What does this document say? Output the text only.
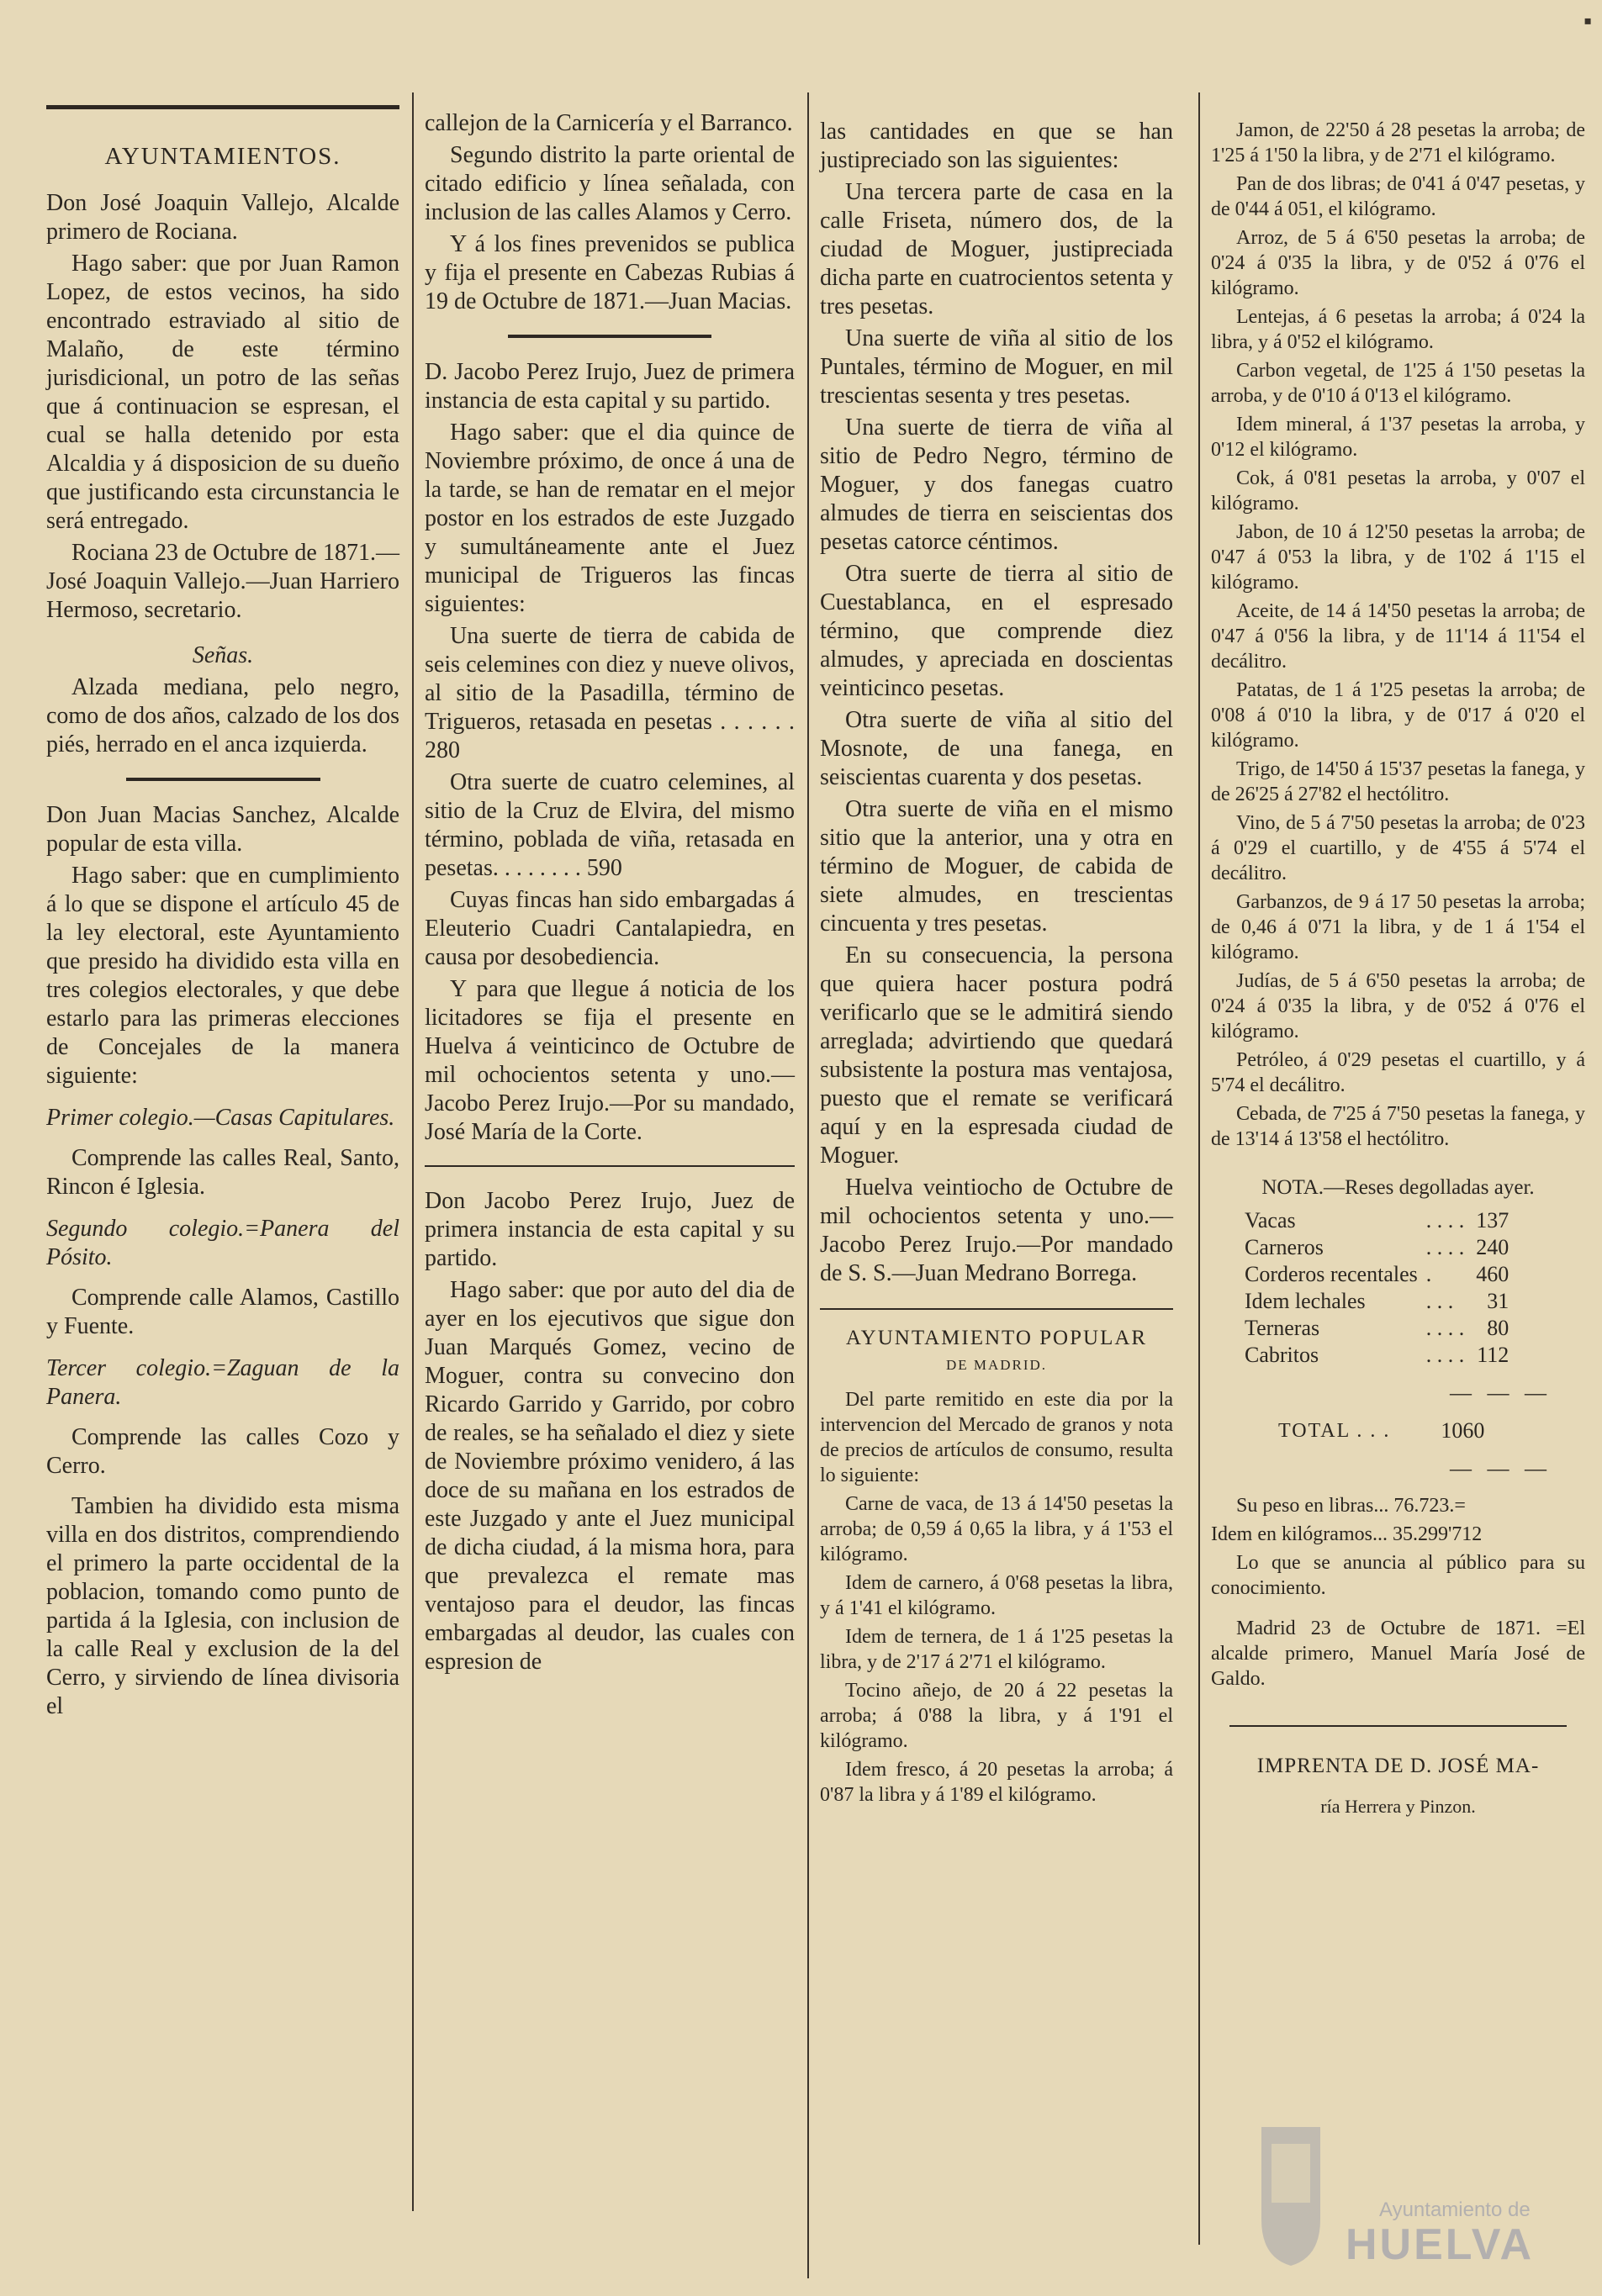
▪
AYUNTAMIENTOS.

Don José Joaquin Vallejo, Alcalde primero de Rociana.

Hago saber: que por Juan Ramon Lopez, de estos vecinos, ha sido encontrado estraviado al sitio de Malaño, de este término jurisdicional, un potro de las señas que á continuacion se espresan, el cual se halla detenido por esta Alcaldia y á disposicion de su dueño que justificando esta circunstancia le será entregado.

Rociana 23 de Octubre de 1871.—José Joaquin Vallejo.—Juan Harriero Hermoso, secretario.

Señas.

Alzada mediana, pelo negro, como de dos años, calzado de los dos piés, herrado en el anca izquierda.

Don Juan Macias Sanchez, Alcalde popular de esta villa.

Hago saber: que en cumplimiento á lo que se dispone el artículo 45 de la ley electoral, este Ayuntamiento que presido ha dividido esta villa en tres colegios electorales, y que debe estarlo para las primeras elecciones de Concejales de la manera siguiente:

Primer colegio.—Casas Capitulares.

Comprende las calles Real, Santo, Rincon é Iglesia.

Segundo colegio.=Panera del Pósito.

Comprende calle Alamos, Castillo y Fuente.

Tercer colegio.=Zaguan de la Panera.

Comprende las calles Cozo y Cerro.

Tambien ha dividido esta misma villa en dos distritos, comprendiendo el primero la parte occidental de la poblacion, tomando como punto de partida á la Iglesia, con inclusion de la calle Real y exclusion de la del Cerro, y sirviendo de línea divisoria el

callejon de la Carnicería y el Barranco.

Segundo distrito la parte oriental de citado edificio y línea señalada, con inclusion de las calles Alamos y Cerro.

Y á los fines prevenidos se publica y fija el presente en Cabezas Rubias á 19 de Octubre de 1871.—Juan Macias.

D. Jacobo Perez Irujo, Juez de primera instancia de esta capital y su partido.

Hago saber: que el dia quince de Noviembre próximo, de once á una de la tarde, se han de rematar en el mejor postor en los estrados de este Juzgado y sumultáneamente ante el Juez municipal de Trigueros las fincas siguientes:

Una suerte de tierra de cabida de seis celemines con diez y nueve olivos, al sitio de la Pasadilla, término de Trigueros, retasada en pesetas . . . . . . 280

Otra suerte de cuatro celemines, al sitio de la Cruz de Elvira, del mismo término, poblada de viña, retasada en pesetas. . . . . . . . 590

Cuyas fincas han sido embargadas á Eleuterio Cuadri Cantalapiedra, en causa por desobediencia.

Y para que llegue á noticia de los licitadores se fija el presente en Huelva á veinticinco de Octubre de mil ochocientos setenta y uno.—Jacobo Perez Irujo.—Por su mandado, José María de la Corte.

Don Jacobo Perez Irujo, Juez de primera instancia de esta capital y su partido.

Hago saber: que por auto del dia de ayer en los ejecutivos que sigue don Juan Marqués Gomez, vecino de Moguer, contra su convecino don Ricardo Garrido y Garrido, por cobro de reales, se ha señalado el diez y siete de Noviembre próximo venidero, á las doce de su mañana en los estrados de este Juzgado y ante el Juez municipal de dicha ciudad, á la misma hora, para que prevalezca el remate mas ventajoso para el deudor, las fincas embargadas al deudor, las cuales con espresion de

las cantidades en que se han justipreciado son las siguientes:

Una tercera parte de casa en la calle Friseta, número dos, de la ciudad de Moguer, justipreciada dicha parte en cuatrocientos setenta y tres pesetas.

Una suerte de viña al sitio de los Puntales, término de Moguer, en mil trescientas sesenta y tres pesetas.

Una suerte de tierra de viña al sitio de Pedro Negro, término de Moguer, y dos fanegas cuatro almudes de tierra en seiscientas dos pesetas catorce céntimos.

Otra suerte de tierra al sitio de Cuestablanca, en el espresado término, que comprende diez almudes, y apreciada en doscientas veinticinco pesetas.

Otra suerte de viña al sitio del Mosnote, de una fanega, en seiscientas cuarenta y dos pesetas.

Otra suerte de viña en el mismo sitio que la anterior, una y otra en término de Moguer, de cabida de siete almudes, en trescientas cincuenta y tres pesetas.

En su consecuencia, la persona que quiera hacer postura podrá verificarlo que se le admitirá siendo arreglada; advirtiendo que quedará subsistente la postura mas ventajosa, puesto que el remate se verificará aquí y en la espresada ciudad de Moguer.

Huelva veintiocho de Octubre de mil ochocientos setenta y uno.—Jacobo Perez Irujo.—Por mandado de S. S.—Juan Medrano Borrega.

AYUNTAMIENTO POPULAR
DE MADRID.

Del parte remitido en este dia por la intervencion del Mercado de granos y nota de precios de artículos de consumo, resulta lo siguiente:

Carne de vaca, de 13 á 14'50 pesetas la arroba; de 0,59 á 0,65 la libra, y á 1'53 el kilógramo.

Idem de carnero, á 0'68 pesetas la libra, y á 1'41 el kilógramo.

Idem de ternera, de 1 á 1'25 pesetas la libra, y de 2'17 á 2'71 el kilógramo.

Tocino añejo, de 20 á 22 pesetas la arroba; á 0'88 la libra, y á 1'91 el kilógramo.

Idem fresco, á 20 pesetas la arroba; á 0'87 la libra y á 1'89 el kilógramo.

Jamon, de 22'50 á 28 pesetas la arroba; de 1'25 á 1'50 la libra, y de 2'71 el kilógramo.

Pan de dos libras; de 0'41 á 0'47 pesetas, y de 0'44 á 051, el kilógramo.

Arroz, de 5 á 6'50 pesetas la arroba; de 0'24 á 0'35 la libra, y de 0'52 á 0'76 el kilógramo.

Lentejas, á 6 pesetas la arroba; á 0'24 la libra, y á 0'52 el kilógramo.

Carbon vegetal, de 1'25 á 1'50 pesetas la arroba, y de 0'10 á 0'13 el kilógramo.

Idem mineral, á 1'37 pesetas la arroba, y 0'12 el kilógramo.

Cok, á 0'81 pesetas la arroba, y 0'07 el kilógramo.

Jabon, de 10 á 12'50 pesetas la arroba; de 0'47 á 0'53 la libra, y de 1'02 á 1'15 el kilógramo.

Aceite, de 14 á 14'50 pesetas la arroba; de 0'47 á 0'56 la libra, y de 11'14 á 11'54 el decálitro.

Patatas, de 1 á 1'25 pesetas la arroba; de 0'08 á 0'10 la libra, y de 0'17 á 0'20 el kilógramo.

Trigo, de 14'50 á 15'37 pesetas la fanega, y de 26'25 á 27'82 el hectólitro.

Vino, de 5 á 7'50 pesetas la arroba; de 0'23 á 0'29 el cuartillo, y de 4'55 á 5'74 el decálitro.

Garbanzos, de 9 á 17 50 pesetas la arroba; de 0,46 á 0'71 la libra, y de 1 á 1'54 el kilógramo.

Judías, de 5 á 6'50 pesetas la arroba; de 0'24 á 0'35 la libra, y de 0'52 á 0'76 el kilógramo.

Petróleo, á 0'29 pesetas el cuartillo, y á 5'74 el decálitro.

Cebada, de 7'25 á 7'50 pesetas la fanega, y de 13'14 á 13'58 el hectólitro.

NOTA.—Reses degolladas ayer.

Vacas	. . . .	137
Carneros	. . . .	240
Corderos recentales	.	460
Idem lechales	. . .	31
Terneras	. . . .	80
Cabritos	. . . .	112
— — —
TOTAL . . .	1060
— — —

Su peso en libras... 76.723.=

Idem en kilógramos... 35.299'712

Lo que se anuncia al público para su conocimiento.

Madrid 23 de Octubre de 1871. =El alcalde primero, Manuel María José de Galdo.

IMPRENTA DE D. JOSÉ MA-

ría Herrera y Pinzon.

Ayuntamiento de
HUELVA
